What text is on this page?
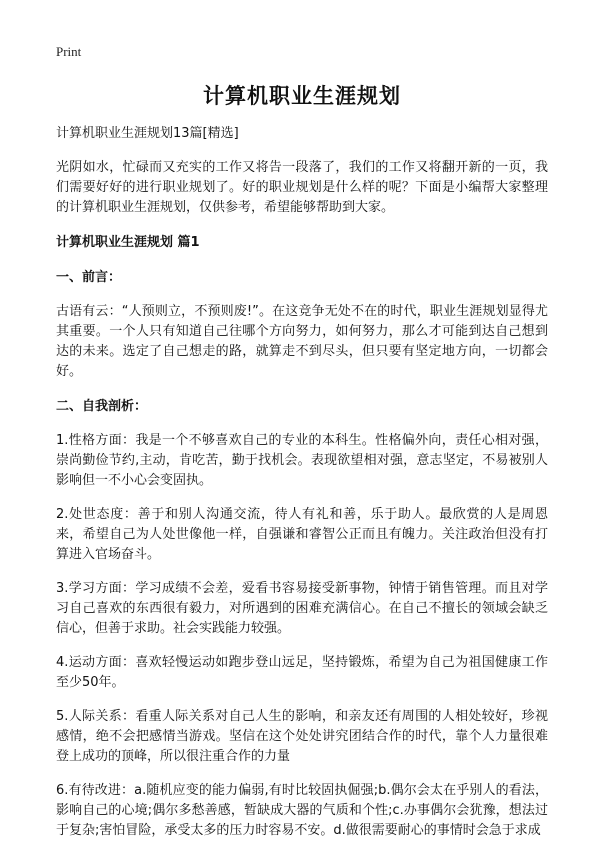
Print

计算机职业生涯规划

计算机职业生涯规划13篇[精选]

光阴如水，忙碌而又充实的工作又将告一段落了，我们的工作又将翻开新的一页，我们需要好好的进行职业规划了。好的职业规划是什么样的呢？下面是小编帮大家整理的计算机职业生涯规划，仅供参考，希望能够帮助到大家。

计算机职业生涯规划 篇1

一、前言：

古语有云：“人预则立，不预则废!”。在这竞争无处不在的时代，职业生涯规划显得尤其重要。一个人只有知道自己往哪个方向努力，如何努力，那么才可能到达自己想到达的未来。选定了自己想走的路，就算走不到尽头，但只要有坚定地方向，一切都会好。

二、自我剖析：

1.性格方面：我是一个不够喜欢自己的专业的本科生。性格偏外向，责任心相对强，崇尚勤俭节约,主动，肯吃苦，勤于找机会。表现欲望相对强，意志坚定，不易被别人影响但一不小心会变固执。

2.处世态度：善于和别人沟通交流，待人有礼和善，乐于助人。最欣赏的人是周恩来，希望自己为人处世像他一样，自强谦和睿智公正而且有魄力。关注政治但没有打算进入官场奋斗。

3.学习方面：学习成绩不会差，爱看书容易接受新事物，钟情于销售管理。而且对学习自己喜欢的东西很有毅力，对所遇到的困难充满信心。在自己不擅长的领域会缺乏信心，但善于求助。社会实践能力较强。

4.运动方面：喜欢轻慢运动如跑步登山远足，坚持锻炼，希望为自己为祖国健康工作至少50年。

5.人际关系：看重人际关系对自己人生的影响，和亲友还有周围的人相处较好，珍视感情，绝不会把感情当游戏。坚信在这个处处讲究团结合作的时代，靠个人力量很难登上成功的顶峰，所以很注重合作的力量

6.有待改进：a.随机应变的能力偏弱,有时比较固执倔强;b.偶尔会太在乎别人的看法，影响自己的心境;偶尔多愁善感，暂缺成大器的气质和个性;c.办事偶尔会犹豫，想法过于复杂;害怕冒险，承受太多的压力时容易不安。d.做很需要耐心的事情时会急于求成
